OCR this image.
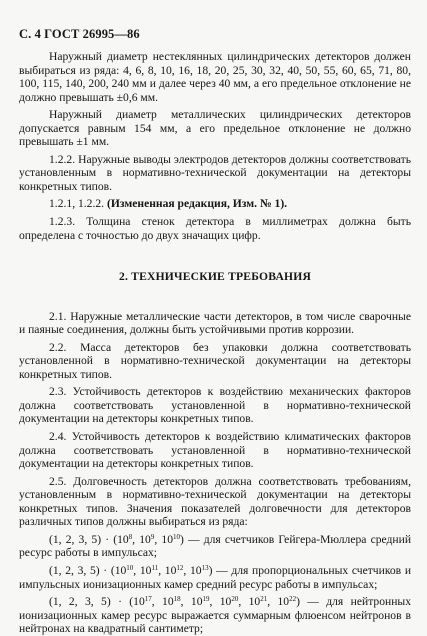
С. 4 ГОСТ 26995—86

Наружный диаметр нестеклянных цилиндрических детекторов должен выбираться из ряда: 4, 6, 8, 10, 16, 18, 20, 25, 30, 32, 40, 50, 55, 60, 65, 71, 80, 100, 115, 140, 200, 240 мм и далее через 40 мм, а его предельное отклонение не должно превышать ±0,6 мм.

Наружный диаметр металлических цилиндрических детекторов допускается равным 154 мм, а его предельное отклонение не должно превышать ±1 мм.

1.2.2. Наружные выводы электродов детекторов должны соответствовать установленным в нормативно-технической документации на детекторы конкретных типов.

1.2.1, 1.2.2. (Измененная редакция, Изм. № 1).

1.2.3. Толщина стенок детектора в миллиметрах должна быть определена с точностью до двух значащих цифр.

2. ТЕХНИЧЕСКИЕ ТРЕБОВАНИЯ

2.1. Наружные металлические части детекторов, в том числе сварочные и паяные соединения, должны быть устойчивыми против коррозии.

2.2. Масса детекторов без упаковки должна соответствовать установленной в нормативно-технической документации на детекторы конкретных типов.

2.3. Устойчивость детекторов к воздействию механических факторов должна соответствовать установленной в нормативно-технической документации на детекторы конкретных типов.

2.4. Устойчивость детекторов к воздействию климатических факторов должна соответствовать установленной в нормативно-технической документации на детекторы конкретных типов.

2.5. Долговечность детекторов должна соответствовать требованиям, установленным в нормативно-технической документации на детекторы конкретных типов. Значения показателей долговечности для детекторов различных типов должны выбираться из ряда:

(1, 2, 3, $5) \cdot (10^8$, $10^9$, $10^{10}$) — для счетчиков Гейгера-Мюллера средний ресурс работы в импульсах;

(1, 2, 3, $5) \cdot (10^{10}$, $10^{11}$, $10^{12}$, $10^{13}$) — для пропорциональных счетчиков и импульсных ионизационных камер средний ресурс работы в импульсах;

(1, 2, 3, $5) \cdot (10^{17}$, $10^{18}$, $10^{19}$, $10^{20}$, $10^{21}$, $10^{22}$) — для нейтронных ионизационных камер ресурс выражается суммарным флюенсом нейтронов в нейтронах на квадратный сантиметр;
